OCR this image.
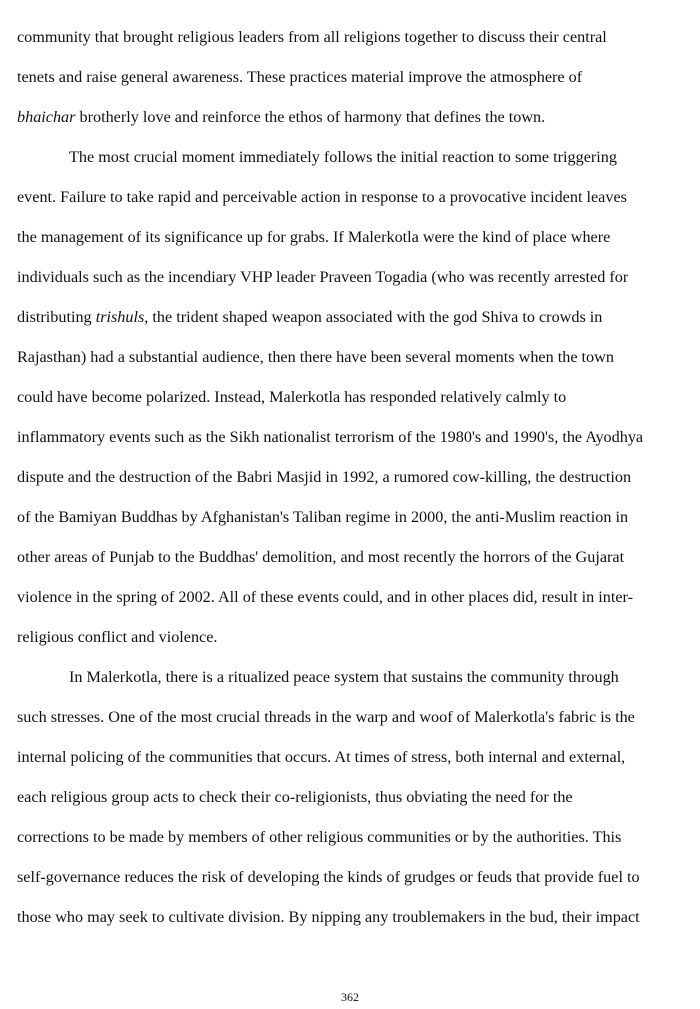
community that brought religious leaders from all religions together to discuss their central
tenets and raise general awareness. These practices material improve the atmosphere of
bhaichar brotherly love and reinforce the ethos of harmony that defines the town.
The most crucial moment immediately follows the initial reaction to some triggering
event. Failure to take rapid and perceivable action in response to a provocative incident leaves
the management of its significance up for grabs. If Malerkotla were the kind of place where
individuals such as the incendiary VHP leader Praveen Togadia (who was recently arrested for
distributing trishuls, the trident shaped weapon associated with the god Shiva to crowds in
Rajasthan) had a substantial audience, then there have been several moments when the town
could have become polarized. Instead, Malerkotla has responded relatively calmly to
inflammatory events such as the Sikh nationalist terrorism of the 1980's and 1990's, the Ayodhya
dispute and the destruction of the Babri Masjid in 1992, a rumored cow-killing, the destruction
of the Bamiyan Buddhas by Afghanistan's Taliban regime in 2000, the anti-Muslim reaction in
other areas of Punjab to the Buddhas' demolition, and most recently the horrors of the Gujarat
violence in the spring of 2002. All of these events could, and in other places did, result in inter-
religious conflict and violence.
In Malerkotla, there is a ritualized peace system that sustains the community through
such stresses. One of the most crucial threads in the warp and woof of Malerkotla's fabric is the
internal policing of the communities that occurs. At times of stress, both internal and external,
each religious group acts to check their co-religionists, thus obviating the need for the
corrections to be made by members of other religious communities or by the authorities. This
self-governance reduces the risk of developing the kinds of grudges or feuds that provide fuel to
those who may seek to cultivate division. By nipping any troublemakers in the bud, their impact
362
